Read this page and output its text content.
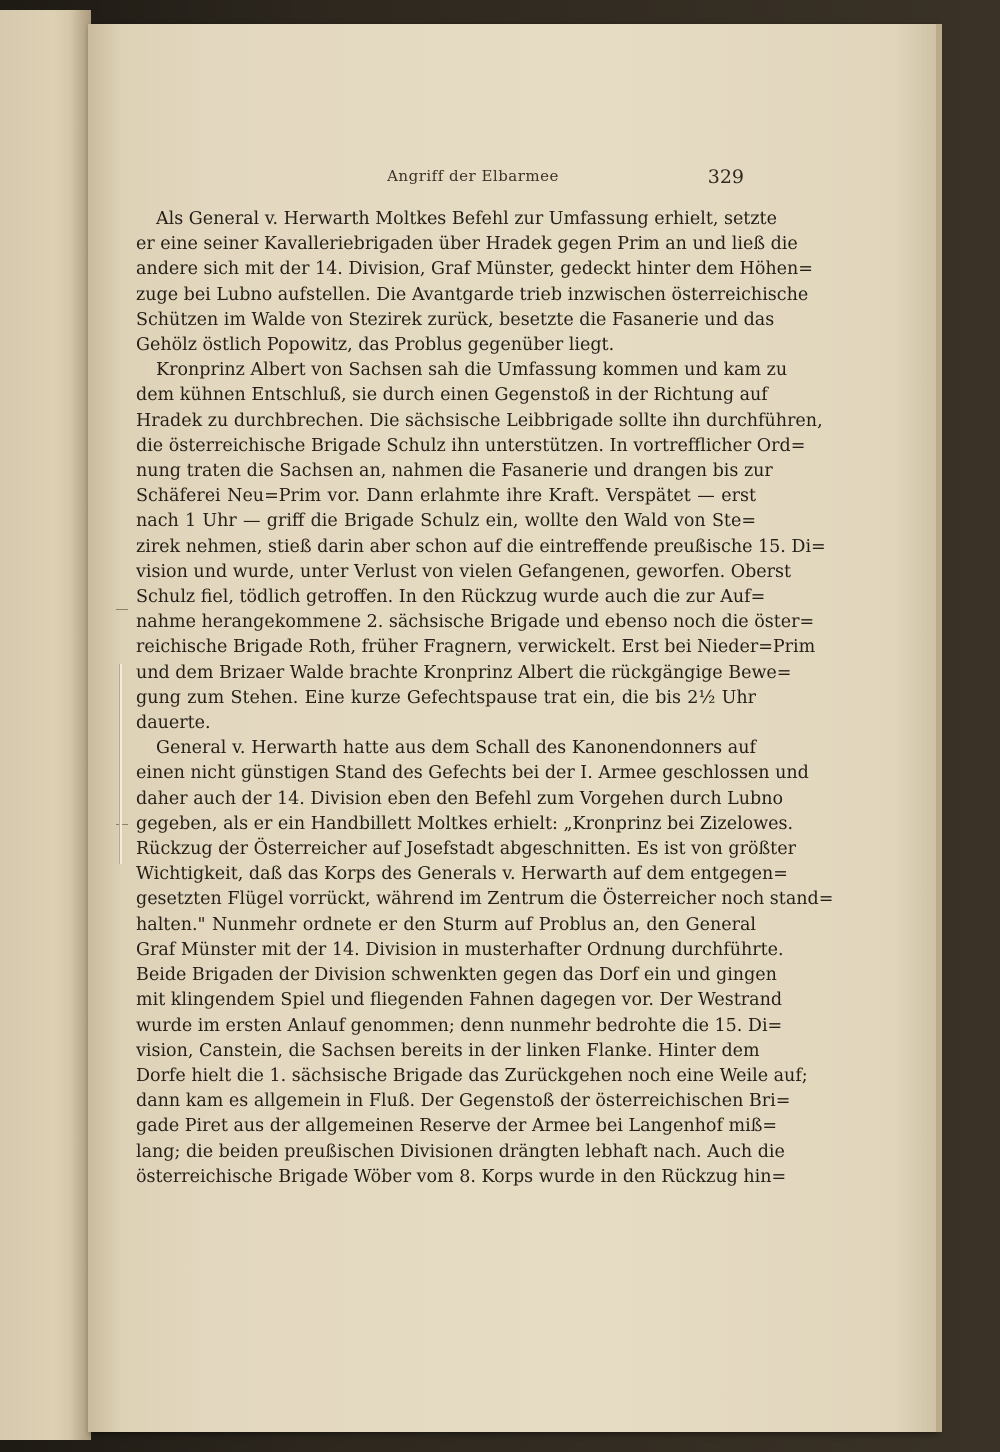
Angriff der Elbarmee	329
Als General v. Herwarth Moltkes Befehl zur Umfassung erhielt, setzte
er eine seiner Kavalleriebrigaden über Hradek gegen Prim an und ließ die
andere sich mit der 14. Division, Graf Münster, gedeckt hinter dem Höhen=
zuge bei Lubno aufstellen. Die Avantgarde trieb inzwischen österreichische
Schützen im Walde von Stezirek zurück, besetzte die Fasanerie und das
Gehölz östlich Popowitz, das Problus gegenüber liegt.
Kronprinz Albert von Sachsen sah die Umfassung kommen und kam zu
dem kühnen Entschluß, sie durch einen Gegenstoß in der Richtung auf
Hradek zu durchbrechen. Die sächsische Leibbrigade sollte ihn durchführen,
die österreichische Brigade Schulz ihn unterstützen. In vortrefflicher Ord=
nung traten die Sachsen an, nahmen die Fasanerie und drangen bis zur
Schäferei Neu=Prim vor. Dann erlahmte ihre Kraft. Verspätet — erst
nach 1 Uhr — griff die Brigade Schulz ein, wollte den Wald von Ste=
zirek nehmen, stieß darin aber schon auf die eintreffende preußische 15. Di=
vision und wurde, unter Verlust von vielen Gefangenen, geworfen. Oberst
Schulz fiel, tödlich getroffen. In den Rückzug wurde auch die zur Auf=
nahme herangekommene 2. sächsische Brigade und ebenso noch die öster=
reichische Brigade Roth, früher Fragnern, verwickelt. Erst bei Nieder=Prim
und dem Brizaer Walde brachte Kronprinz Albert die rückgängige Bewe=
gung zum Stehen. Eine kurze Gefechtspause trat ein, die bis 2½ Uhr
dauerte.
General v. Herwarth hatte aus dem Schall des Kanonendonners auf
einen nicht günstigen Stand des Gefechts bei der I. Armee geschlossen und
daher auch der 14. Division eben den Befehl zum Vorgehen durch Lubno
gegeben, als er ein Handbillett Moltkes erhielt: „Kronprinz bei Zizelowes.
Rückzug der Österreicher auf Josefstadt abgeschnitten. Es ist von größter
Wichtigkeit, daß das Korps des Generals v. Herwarth auf dem entgegen=
gesetzten Flügel vorrückt, während im Zentrum die Österreicher noch stand=
halten." Nunmehr ordnete er den Sturm auf Problus an, den General
Graf Münster mit der 14. Division in musterhafter Ordnung durchführte.
Beide Brigaden der Division schwenkten gegen das Dorf ein und gingen
mit klingendem Spiel und fliegenden Fahnen dagegen vor. Der Westrand
wurde im ersten Anlauf genommen; denn nunmehr bedrohte die 15. Di=
vision, Canstein, die Sachsen bereits in der linken Flanke. Hinter dem
Dorfe hielt die 1. sächsische Brigade das Zurückgehen noch eine Weile auf;
dann kam es allgemein in Fluß. Der Gegenstoß der österreichischen Bri=
gade Piret aus der allgemeinen Reserve der Armee bei Langenhof miß=
lang; die beiden preußischen Divisionen drängten lebhaft nach. Auch die
österreichische Brigade Wöber vom 8. Korps wurde in den Rückzug hin=
